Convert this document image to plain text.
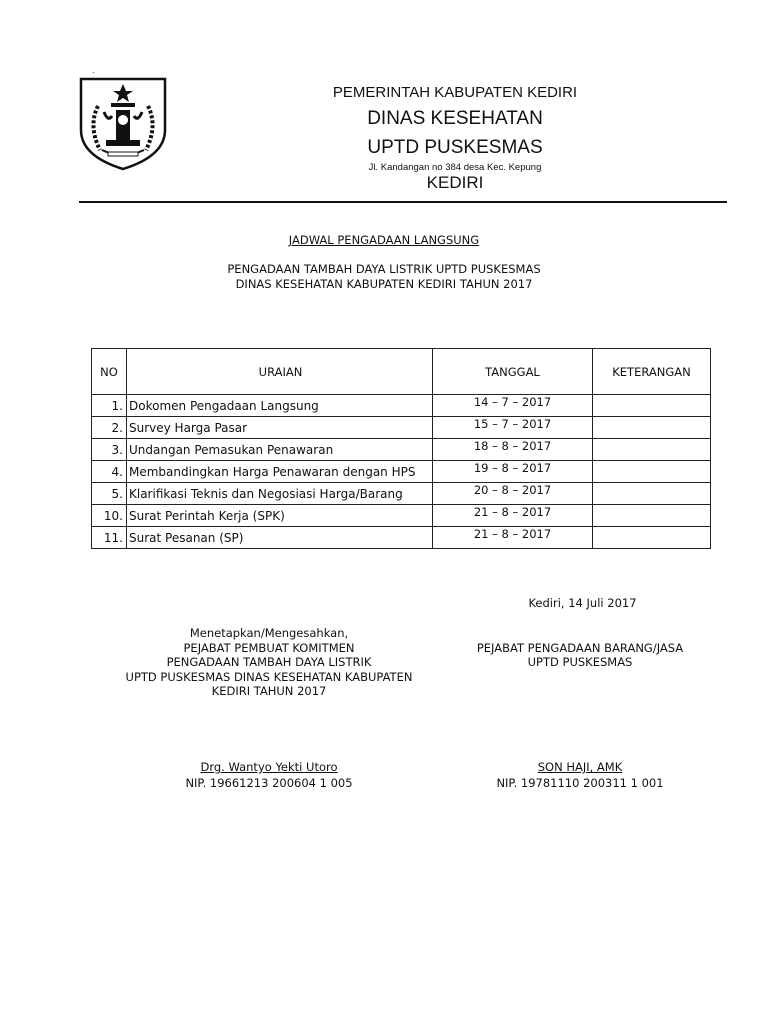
.
PEMERINTAH KABUPATEN KEDIRI
DINAS KESEHATAN
UPTD PUSKESMAS
Jl. Kandangan no 384 desa Kec. Kepung
KEDIRI
JADWAL PENGADAAN LANGSUNG
PENGADAAN TAMBAH DAYA LISTRIK UPTD PUSKESMAS
DINAS KESEHATAN KABUPATEN KEDIRI TAHUN 2017
NO	URAIAN	TANGGAL	KETERANGAN
1.	Dokomen Pengadaan Langsung	14 – 7 – 2017	
2.	Survey Harga Pasar	15 – 7 – 2017	
3.	Undangan Pemasukan Penawaran	18 – 8 – 2017	
4.	Membandingkan Harga Penawaran dengan HPS	19 – 8 – 2017	
5.	Klarifikasi Teknis dan Negosiasi Harga/Barang	20 – 8 – 2017	
10.	Surat Perintah Kerja (SPK)	21 – 8 – 2017	
11.	Surat Pesanan (SP)	21 – 8 – 2017	
Kediri, 14 Juli 2017
Menetapkan/Mengesahkan,
PEJABAT PEMBUAT KOMITMEN
PENGADAAN TAMBAH DAYA LISTRIK
UPTD PUSKESMAS DINAS KESEHATAN KABUPATEN
KEDIRI TAHUN 2017
PEJABAT PENGADAAN BARANG/JASA
UPTD PUSKESMAS
Drg. Wantyo Yekti Utoro
NIP. 19661213 200604 1 005
SON HAJI, AMK
NIP. 19781110 200311 1 001
